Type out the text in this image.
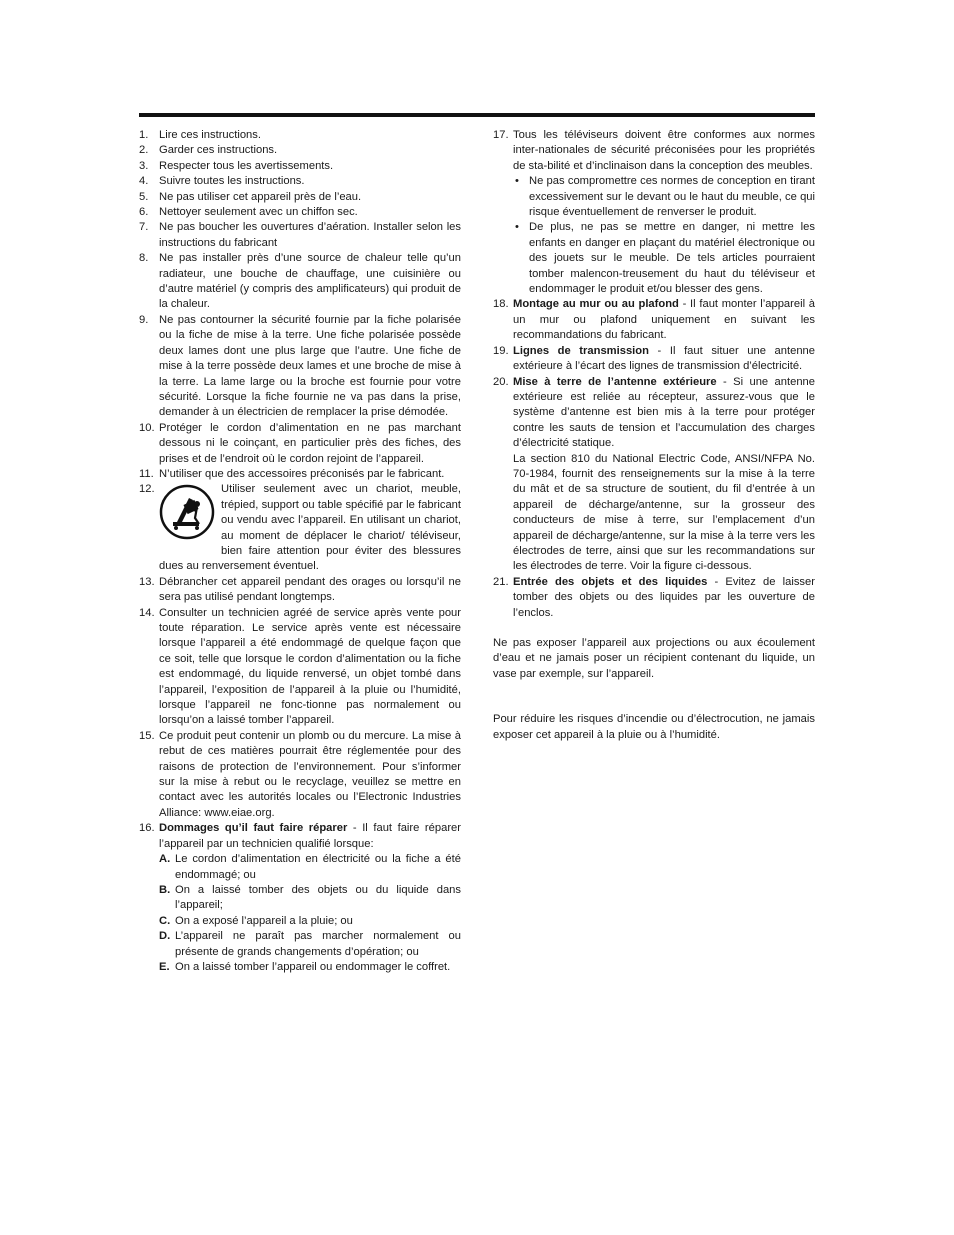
1. Lire ces instructions.
2. Garder ces instructions.
3. Respecter tous les avertissements.
4. Suivre toutes les instructions.
5. Ne pas utiliser cet appareil près de l’eau.
6. Nettoyer seulement avec un chiffon sec.
7. Ne pas boucher les ouvertures d’aération. Installer selon les instructions du fabricant
8. Ne pas installer près d’une source de chaleur telle qu’un radiateur, une bouche de chauffage, une cuisinière ou d’autre matériel (y compris des amplificateurs) qui produit de la chaleur.
9. Ne pas contourner la sécurité fournie par la fiche polarisée ou la fiche de mise à la terre. Une fiche polarisée possède deux lames dont une plus large que l’autre. Une fiche de mise à la terre possède deux lames et une broche de mise à la terre. La lame large ou la broche est fournie pour votre sécurité. Lorsque la fiche fournie ne va pas dans la prise, demander à un électricien de remplacer la prise démodée.
10. Protéger le cordon d’alimentation en ne pas marchant dessous ni le coinçant, en particulier près des fiches, des prises et de l’endroit où le cordon rejoint de l’appareil.
11. N’utiliser que des accessoires préconisés par le fabricant.
12.	Utiliser seulement avec un chariot, meuble, trépied, support ou table spécifié par le fabricant ou vendu avec l’appareil. En utilisant un chariot, au moment de déplacer le chariot/ téléviseur, bien faire attention pour éviter des blessures dues au renversement éventuel.
13. Débrancher cet appareil pendant des orages ou lorsqu’il ne sera pas utilisé pendant longtemps.
14. Consulter un technicien agréé de service après vente pour toute réparation. Le service après vente est nécessaire lorsque l’appareil a été endommagé de quelque façon que ce soit, telle que lorsque le cordon d’alimentation ou la fiche est endommagé, du liquide renversé, un objet tombé dans l’appareil, l’exposition de l’appareil à la pluie ou l’humidité, lorsque l’appareil ne fonc-tionne pas normalement ou lorsqu’on a laissé tomber l’appareil.
15. Ce produit peut contenir un plomb ou du mercure. La mise à rebut de ces matières pourrait être réglementée pour des raisons de protection de l’environnement. Pour s’informer sur la mise à rebut ou le recyclage, veuillez se mettre en contact avec les autorités locales ou l’Electronic Industries Alliance: www.eiae.org.
16. Dommages qu’il faut faire réparer - Il faut faire réparer l’appareil par un technicien qualifié lorsque:
A. Le cordon d’alimentation en électricité ou la fiche a été endommagé; ou
B. On a laissé tomber des objets ou du liquide dans l’appareil;
C. On a exposé l’appareil a la pluie; ou
D. L’appareil ne paraît pas marcher normalement ou présente de grands changements d’opération; ou
E. On a laissé tomber l’appareil ou endommager le coffret.
17. Tous les téléviseurs doivent être conformes aux normes inter-nationales de sécurité préconisées pour les propriétés de sta-bilité et d’inclinaison dans la conception des meubles.
• Ne pas compromettre ces normes de conception en tirant excessivement sur le devant ou le haut du meuble, ce qui risque éventuellement de renverser le produit.
• De plus, ne pas se mettre en danger, ni mettre les enfants en danger en plaçant du matériel électronique ou des jouets sur le meuble. De tels articles pourraient tomber malencon-treusement du haut du téléviseur et endommager le produit et/ou blesser des gens.
18. Montage au mur ou au plafond - Il faut monter l’appareil à un mur ou plafond uniquement en suivant les recommandations du fabricant.
19. Lignes de transmission - Il faut situer une antenne extérieure à l’écart des lignes de transmission d’électricité.
20. Mise à terre de l’antenne extérieure - Si une antenne extérieure est reliée au récepteur, assurez-vous que le système d’antenne est bien mis à la terre pour protéger contre les sauts de tension et l’accumulation des charges d’électricité statique.
La section 810 du National Electric Code, ANSI/NFPA No. 70-1984, fournit des renseignements sur la mise à la terre du mât et de sa structure de soutient, du fil d’entrée à un appareil de décharge/antenne, sur la grosseur des conducteurs de mise à terre, sur l’emplacement d’un appareil de décharge/antenne, sur la mise à la terre vers les électrodes de terre, ainsi que sur les recommandations sur les électrodes de terre. Voir la figure ci-dessous.
21. Entrée des objets et des liquides - Evitez de laisser tomber des objets ou des liquides par les ouverture de l’enclos.
Ne pas exposer l’appareil aux projections ou aux écoulement d’eau et ne jamais poser un récipient contenant du liquide, un vase par exemple, sur l’appareil.
Pour réduire les risques d’incendie ou d’électrocution, ne jamais exposer cet appareil à la pluie ou à l’humidité.
